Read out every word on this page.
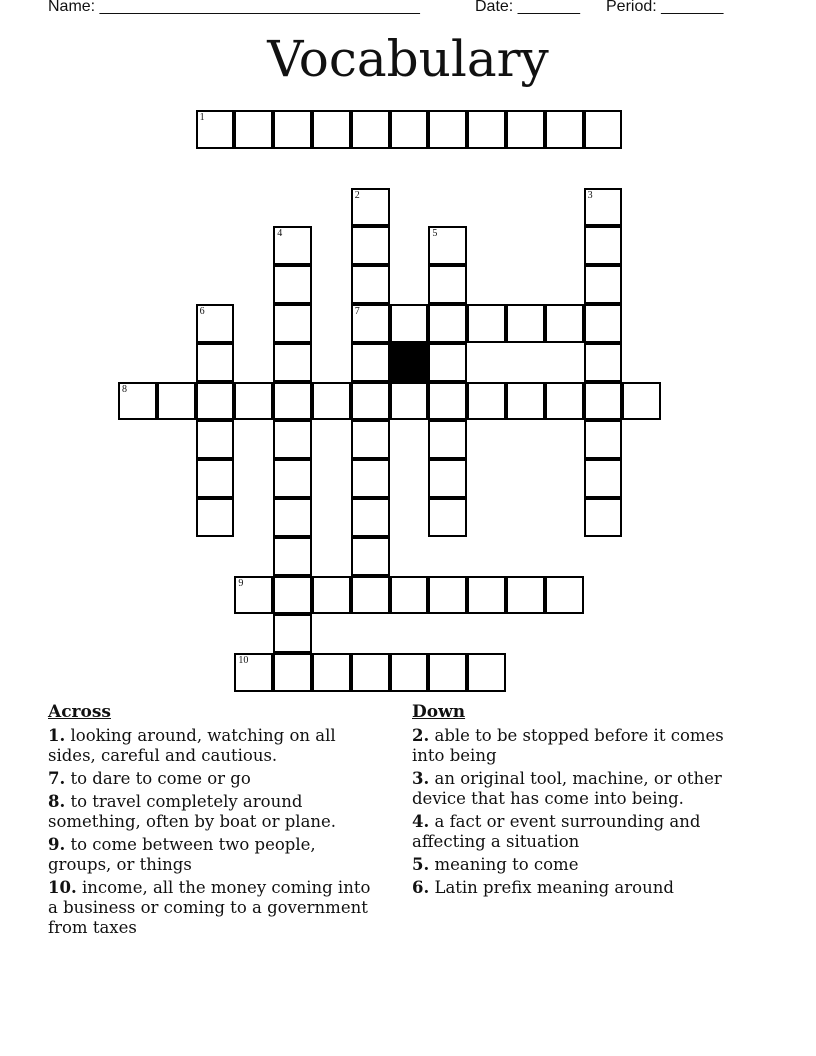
Name: ____________________________________	Date: _______ Period: _______
Vocabulary
1
2	3
4	5
6	7
8
9
10
Across
1. looking around, watching on all sides, careful and cautious.
7. to dare to come or go
8. to travel completely around something, often by boat or plane.
9. to come between two people, groups, or things
10. income, all the money coming into a business or coming to a government from taxes
Down
2. able to be stopped before it comes into being
3. an original tool, machine, or other device that has come into being.
4. a fact or event surrounding and affecting a situation
5. meaning to come
6. Latin prefix meaning around
